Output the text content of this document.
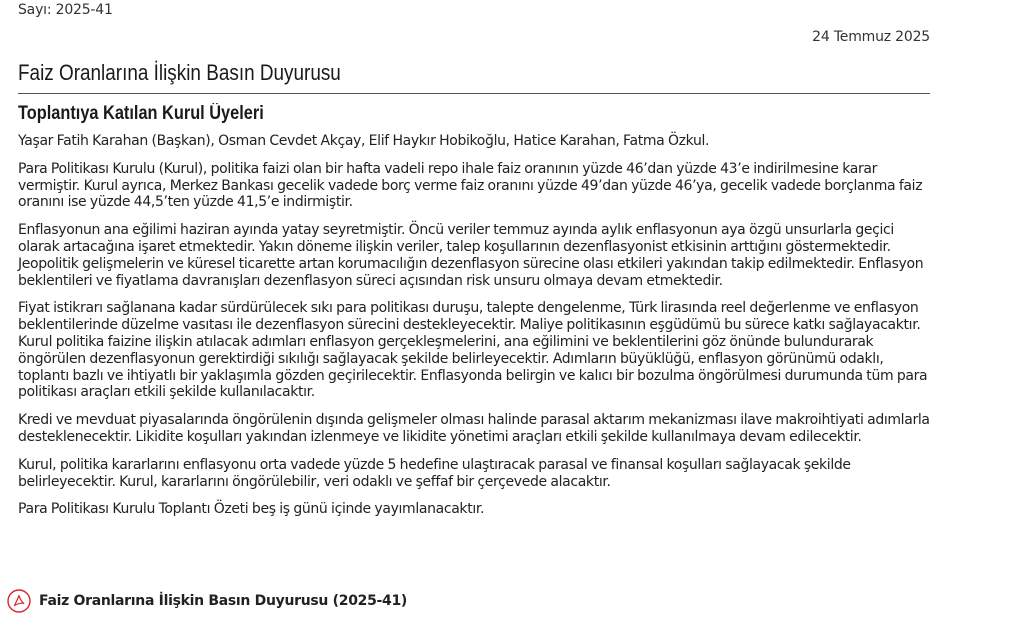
Sayı: 2025-41
24 Temmuz 2025
Faiz Oranlarına İlişkin Basın Duyurusu
Toplantıya Katılan Kurul Üyeleri

Yaşar Fatih Karahan (Başkan), Osman Cevdet Akçay, Elif Haykır Hobikoğlu, Hatice Karahan, Fatma Özkul.

Para Politikası Kurulu (Kurul), politika faizi olan bir hafta vadeli repo ihale faiz oranının yüzde 46’dan yüzde 43’e indirilmesine karar vermiştir. Kurul ayrıca, Merkez Bankası gecelik vadede borç verme faiz oranını yüzde 49’dan yüzde 46’ya, gecelik vadede borçlanma faiz oranını ise yüzde 44,5’ten yüzde 41,5’e indirmiştir.

Enflasyonun ana eğilimi haziran ayında yatay seyretmiştir. Öncü veriler temmuz ayında aylık enflasyonun aya özgü unsurlarla geçici olarak artacağına işaret etmektedir. Yakın döneme ilişkin veriler, talep koşullarının dezenflasyonist etkisinin arttığını göstermektedir. Jeopolitik gelişmelerin ve küresel ticarette artan korumacılığın dezenflasyon sürecine olası etkileri yakından takip edilmektedir. Enflasyon beklentileri ve fiyatlama davranışları dezenflasyon süreci açısından risk unsuru olmaya devam etmektedir.

Fiyat istikrarı sağlanana kadar sürdürülecek sıkı para politikası duruşu, talepte dengelenme, Türk lirasında reel değerlenme ve enflasyon beklentilerinde düzelme vasıtası ile dezenflasyon sürecini destekleyecektir. Maliye politikasının eşgüdümü bu sürece katkı sağlayacaktır. Kurul politika faizine ilişkin atılacak adımları enflasyon gerçekleşmelerini, ana eğilimini ve beklentilerini göz önünde bulundurarak öngörülen dezenflasyonun gerektirdiği sıkılığı sağlayacak şekilde belirleyecektir. Adımların büyüklüğü, enflasyon görünümü odaklı, toplantı bazlı ve ihtiyatlı bir yaklaşımla gözden geçirilecektir. Enflasyonda belirgin ve kalıcı bir bozulma öngörülmesi durumunda tüm para politikası araçları etkili şekilde kullanılacaktır.

Kredi ve mevduat piyasalarında öngörülenin dışında gelişmeler olması halinde parasal aktarım mekanizması ilave makroihtiyati adımlarla desteklenecektir. Likidite koşulları yakından izlenmeye ve likidite yönetimi araçları etkili şekilde kullanılmaya devam edilecektir.

Kurul, politika kararlarını enflasyonu orta vadede yüzde 5 hedefine ulaştıracak parasal ve finansal koşulları sağlayacak şekilde belirleyecektir. Kurul, kararlarını öngörülebilir, veri odaklı ve şeffaf bir çerçevede alacaktır.

Para Politikası Kurulu Toplantı Özeti beş iş günü içinde yayımlanacaktır.

Faiz Oranlarına İlişkin Basın Duyurusu (2025-41)
